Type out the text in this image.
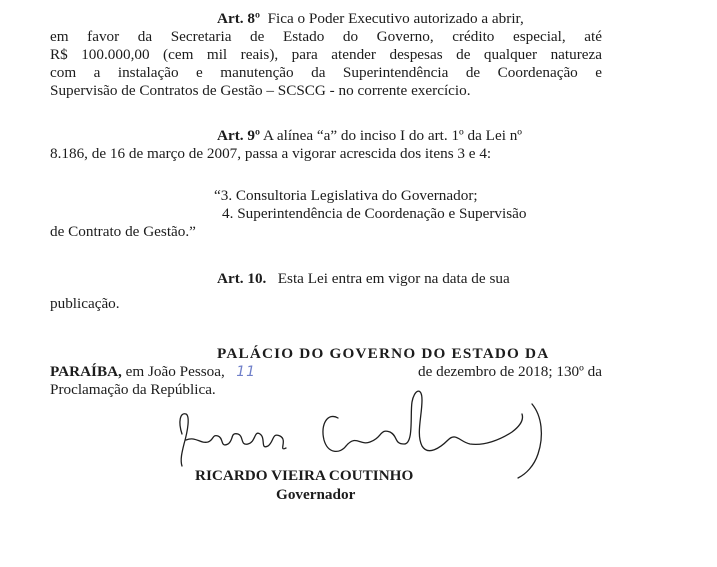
Art. 8º Fica o Poder Executivo autorizado a abrir,
em favor da Secretaria de Estado do Governo, crédito especial, até
R$ 100.000,00 (cem mil reais), para atender despesas de qualquer natureza
com a instalação e manutenção da Superintendência de Coordenação e
Supervisão de Contratos de Gestão – SCSCG - no corrente exercício.
Art. 9º A alínea “a” do inciso I do art. 1º da Lei nº
8.186, de 16 de março de 2007, passa a vigorar acrescida dos itens 3 e 4:
“3. Consultoria Legislativa do Governador;
4. Superintendência de Coordenação e Supervisão
de Contrato de Gestão.”
Art. 10. Esta Lei entra em vigor na data de sua
publicação.
PALÁCIO DO GOVERNO DO ESTADO DA
PARAÍBA, em João Pessoa, 11	de dezembro de 2018; 130º da
Proclamação da República.
RICARDO VIEIRA COUTINHO
Governador
